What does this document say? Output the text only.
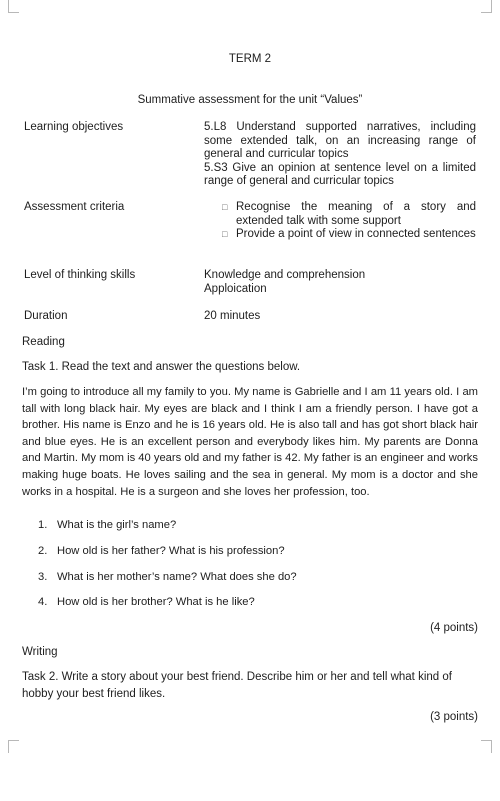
TERM 2
Summative assessment for the unit “Values”
Learning objectives	5.L8 Understand supported narratives, including some extended talk, on an increasing range of general and curricular topics
5.S3 Give an opinion at sentence level on a limited range of general and curricular topics
Assessment criteria	□ Recognise the meaning of a story and extended talk with some support
□ Provide a point of view in connected sentences
Level of thinking skills	Knowledge and comprehension
Apploication
Duration	20 minutes
Reading
Task 1. Read the text and answer the questions below.
I’m going to introduce all my family to you. My name is Gabrielle and I am 11 years old. I am tall with long black hair. My eyes are black and I think I am a friendly person. I have got a brother. His name is Enzo and he is 16 years old. He is also tall and has got short black hair and blue eyes. He is an excellent person and everybody likes him. My parents are Donna and Martin. My mom is 40 years old and my father is 42. My father is an engineer and works making huge boats. He loves sailing and the sea in general. My mom is a doctor and she works in a hospital. He is a surgeon and she loves her profession, too.
1. What is the girl’s name?
2. How old is her father? What is his profession?
3. What is her mother’s name? What does she do?
4. How old is her brother? What is he like?
(4 points)
Writing
Task 2. Write a story about your best friend. Describe him or her and tell what kind of hobby your best friend likes.
(3 points)
